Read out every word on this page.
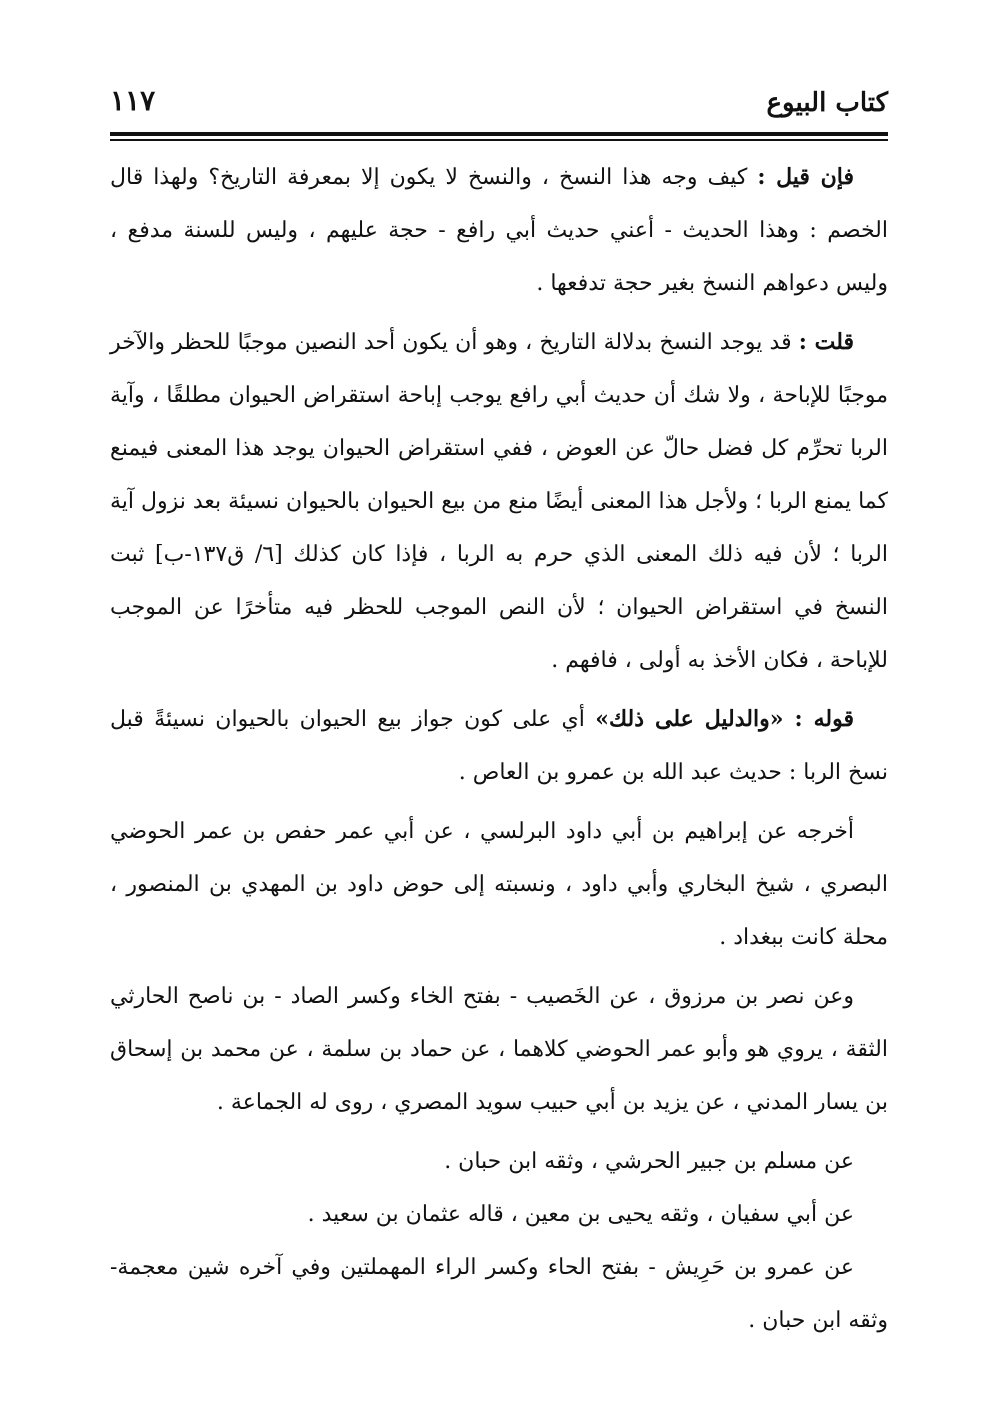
كتاب البيوع
١١٧

فإن قيل : كيف وجه هذا النسخ ، والنسخ لا يكون إلا بمعرفة التاريخ؟ ولهذا قال الخصم : وهذا الحديث - أعني حديث أبي رافع - حجة عليهم ، وليس للسنة مدفع ، وليس دعواهم النسخ بغير حجة تدفعها .

قلت : قد يوجد النسخ بدلالة التاريخ ، وهو أن يكون أحد النصين موجبًا للحظر والآخر موجبًا للإباحة ، ولا شك أن حديث أبي رافع يوجب إباحة استقراض الحيوان مطلقًا ، وآية الربا تحرِّم كل فضل حالّ عن العوض ، ففي استقراض الحيوان يوجد هذا المعنى فيمنع كما يمنع الربا ؛ ولأجل هذا المعنى أيضًا منع من بيع الحيوان بالحيوان نسيئة بعد نزول آية الربا ؛ لأن فيه ذلك المعنى الذي حرم به الربا ، فإذا كان كذلك [٦/ ق١٣٧-ب] ثبت النسخ في استقراض الحيوان ؛ لأن النص الموجب للحظر فيه متأخرًا عن الموجب للإباحة ، فكان الأخذ به أولى ، فافهم .

قوله : «والدليل على ذلك» أي على كون جواز بيع الحيوان بالحيوان نسيئةً قبل نسخ الربا : حديث عبد الله بن عمرو بن العاص .

أخرجه عن إبراهيم بن أبي داود البرلسي ، عن أبي عمر حفص بن عمر الحوضي البصري ، شيخ البخاري وأبي داود ، ونسبته إلى حوض داود بن المهدي بن المنصور ، محلة كانت ببغداد .

وعن نصر بن مرزوق ، عن الخَصيب - بفتح الخاء وكسر الصاد - بن ناصح الحارثي الثقة ، يروي هو وأبو عمر الحوضي كلاهما ، عن حماد بن سلمة ، عن محمد بن إسحاق بن يسار المدني ، عن يزيد بن أبي حبيب سويد المصري ، روى له الجماعة .

عن مسلم بن جبير الحرشي ، وثقه ابن حبان .

عن أبي سفيان ، وثقه يحيى بن معين ، قاله عثمان بن سعيد .

عن عمرو بن حَرِيش - بفتح الحاء وكسر الراء المهملتين وفي آخره شين معجمة- وثقه ابن حبان .
